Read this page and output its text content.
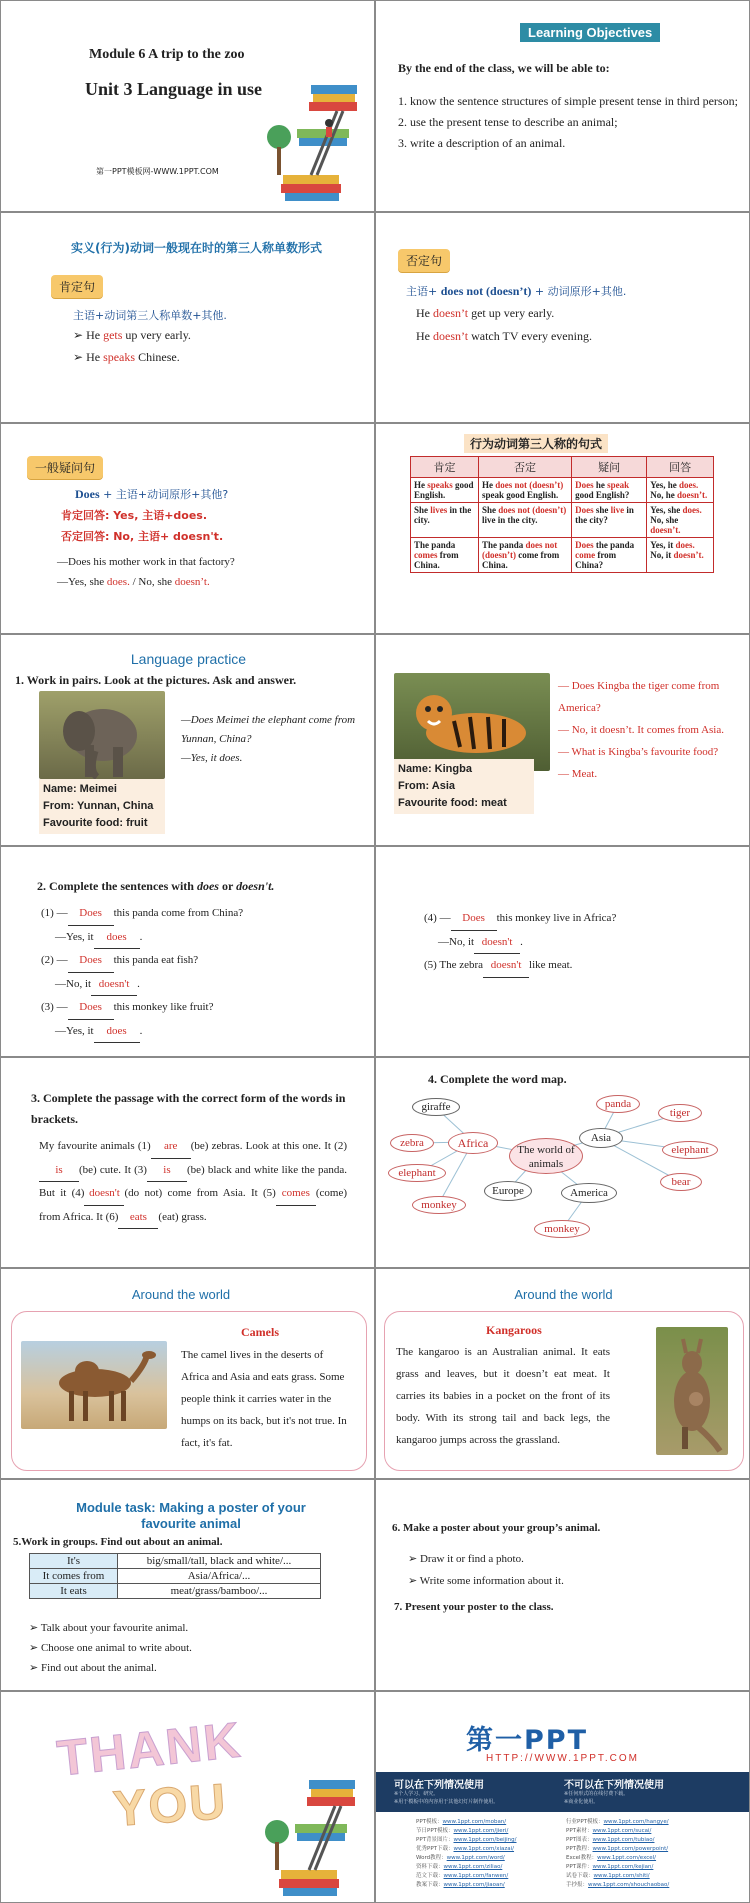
Module 6 A trip to the zoo
Unit 3 Language in use
第一PPT模板网-WWW.1PPT.COM
Learning Objectives
By the end of the class, we will be able to:
1. know the sentence structures of simple present tense in third person;
2. use the present tense to describe an animal;
3. write a description of an animal.
实义(行为)动词一般现在时的第三人称单数形式
肯定句
主语+动词第三人称单数+其他.
➢ He gets up very early.
➢ He speaks Chinese.
否定句
主语+ does not (doesn’t) + 动词原形+其他.
He doesn’t get up very early.
He doesn’t watch TV every evening.
一般疑问句
Does + 主语+动词原形+其他?
肯定回答: Yes, 主语+does.
否定回答: No, 主语+ doesn't.
—Does his mother work in that factory?
—Yes, she does. / No, she doesn’t.
行为动词第三人称的句式
肯定	否定	疑问	回答
He speaks good English.	He does not (doesn’t) speak good English.	Does he speak good English?	Yes, he does. No, he doesn’t.
She lives in the city.	She does not (doesn’t) live in the city.	Does she live in the city?	Yes, she does. No, she doesn’t.
The panda comes from China.	The panda does not (doesn’t) come from China.	Does the panda come from China?	Yes, it does. No, it doesn’t.
Language practice
1. Work in pairs. Look at the pictures. Ask and answer.
Name: Meimei
From: Yunnan, China
Favourite food: fruit
—Does Meimei the elephant come from Yunnan, China?
—Yes, it does.
Name: Kingba
From: Asia
Favourite food: meat
— Does Kingba the tiger come from America?
— No, it doesn’t. It comes from Asia.
— What is Kingba’s favourite food?
— Meat.
2. Complete the sentences with does or doesn't.
(1) — Does this panda come from China?
—Yes, it does .
(2) — Does this panda eat fish?
—No, it doesn't .
(3) — Does this monkey like fruit?
—Yes, it does .
(4) — Does this monkey live in Africa?
—No, it doesn't .
(5) The zebra doesn't like meat.
3. Complete the passage with the correct form of the words in brackets.
My favourite animals (1) are (be) zebras. Look at this one. It (2)is (be) cute. It (3) is (be) black and white like the panda. But it (4) doesn't (do not) come from Asia. It (5) comes (come) from Africa. It (6) eats (eat) grass.
4. Complete the word map.
The world of animals
Africa	Asia
Europe	America
giraffe
zebra
elephant
monkey
panda
tiger
elephant
bear
monkey
Around the world
Camels
The camel lives in the deserts of Africa and Asia and eats grass. Some people think it carries water in the humps on its back, but it's not true. In fact, it's fat.
Around the world
Kangaroos
The kangaroo is an Australian animal. It eats grass and leaves, but it doesn’t eat meat. It carries its babies in a pocket on the front of its body. With its strong tail and back legs, the kangaroo jumps across the grassland.
Module task: Making a poster of your favourite animal
5.Work in groups. Find out about an animal.
It's	big/small/tall, black and white/...
It comes from	Asia/Africa/...
It eats	meat/grass/bamboo/...
➢ Talk about your favourite animal.
➢ Choose one animal to write about.
➢ Find out about the animal.
6. Make a poster about your group’s animal.
➢ Draw it or find a photo.
➢ Write some information about it.
7. Present your poster to the class.
THANK
YOU
第一PPT
HTTP://WWW.1PPT.COM
可以在下列情况使用
※个人学习、研究。
※用于模板中的内容用于其他幻灯片制作使用。
不可以在下列情况使用
※任何形式的在线付费下载。
※商业化使用。
PPT模板：www.1ppt.com/moban/
节日PPT模板：www.1ppt.com/jieri/
PPT背景图片：www.1ppt.com/beijing/
优秀PPT下载：www.1ppt.com/xiazai/
Word教程：www.1ppt.com/word/
资料下载：www.1ppt.com/ziliao/
范文下载：www.1ppt.com/fanwen/
教案下载：www.1ppt.com/jiaoan/
行业PPT模板：www.1ppt.com/hangye/
PPT素材：www.1ppt.com/sucai/
PPT图表：www.1ppt.com/tubiao/
PPT教程：www.1ppt.com/powerpoint/
Excel教程：www.1ppt.com/excel/
PPT课件：www.1ppt.com/kejian/
试卷下载：www.1ppt.com/shiti/
手抄报：www.1ppt.com/shouchaobao/
